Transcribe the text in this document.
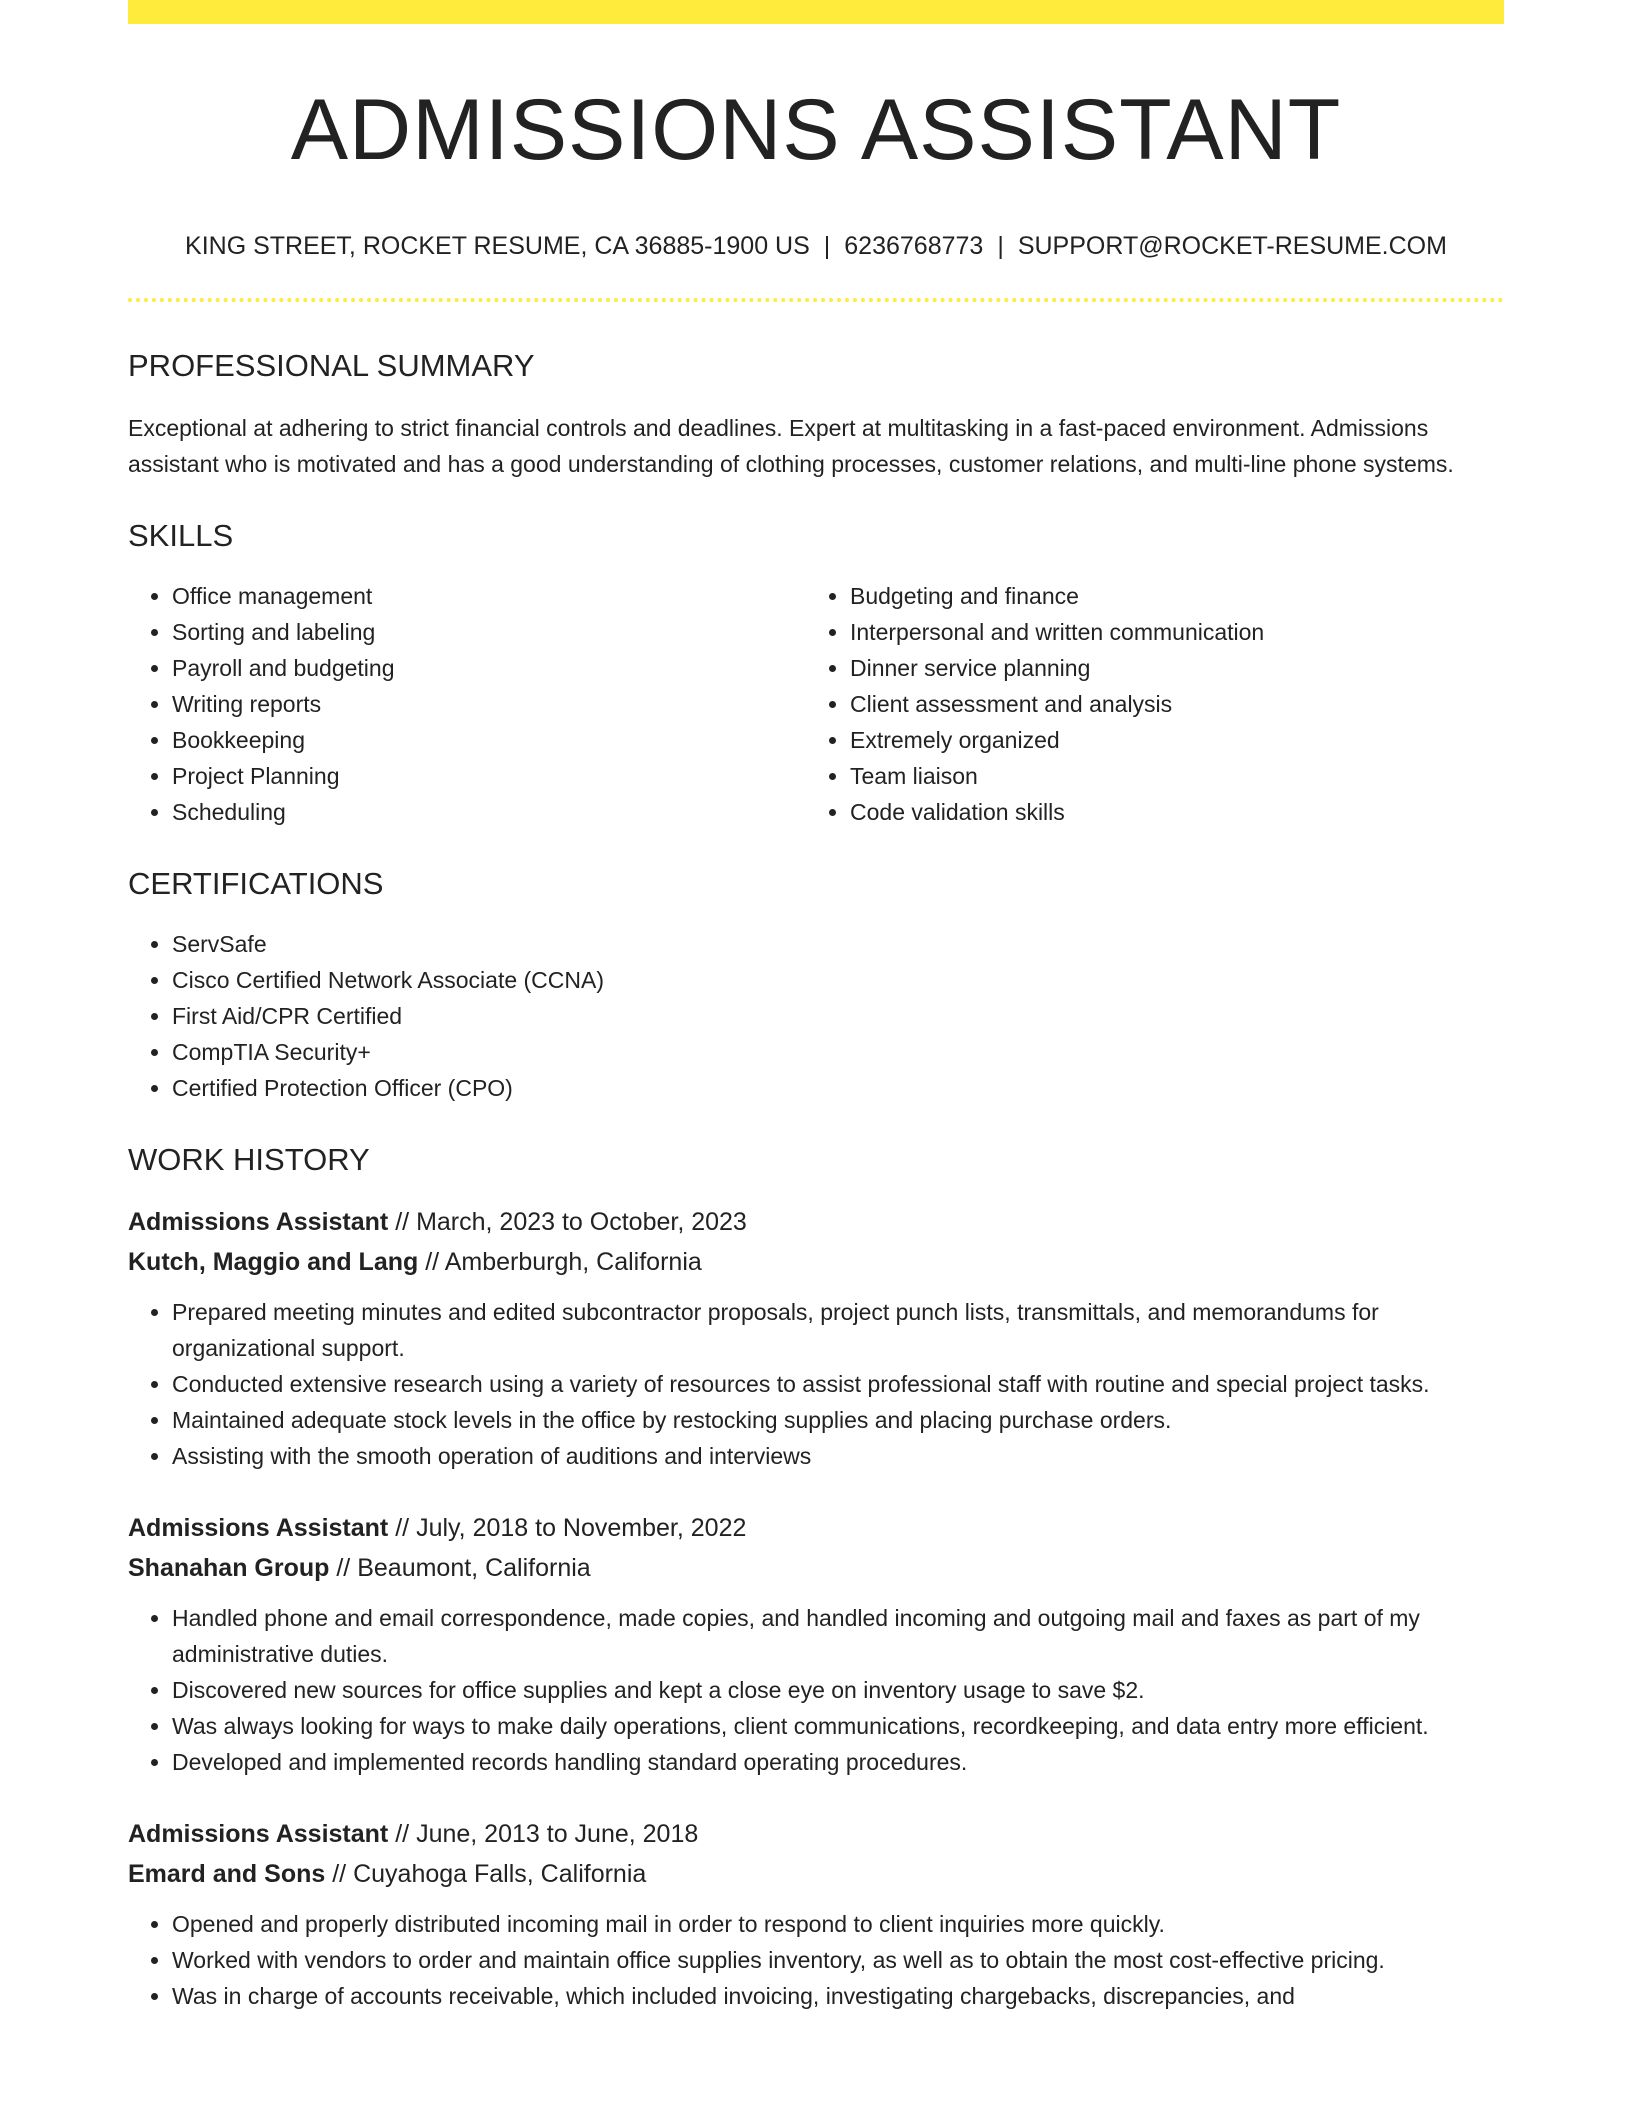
ADMISSIONS ASSISTANT
KING STREET, ROCKET RESUME, CA 36885-1900 US | 6236768773 | SUPPORT@ROCKET-RESUME.COM
PROFESSIONAL SUMMARY

Exceptional at adhering to strict financial controls and deadlines. Expert at multitasking in a fast-paced environment. Admissions assistant who is motivated and has a good understanding of clothing processes, customer relations, and multi-line phone systems.

SKILLS
• Office management
• Sorting and labeling
• Payroll and budgeting
• Writing reports
• Bookkeeping
• Project Planning
• Scheduling
• Budgeting and finance
• Interpersonal and written communication
• Dinner service planning
• Client assessment and analysis
• Extremely organized
• Team liaison
• Code validation skills
CERTIFICATIONS
• ServSafe
• Cisco Certified Network Associate (CCNA)
• First Aid/CPR Certified
• CompTIA Security+
• Certified Protection Officer (CPO)
WORK HISTORY
Admissions Assistant // March, 2023 to October, 2023
Kutch, Maggio and Lang // Amberburgh, California
• Prepared meeting minutes and edited subcontractor proposals, project punch lists, transmittals, and memorandums for organizational support.
• Conducted extensive research using a variety of resources to assist professional staff with routine and special project tasks.
• Maintained adequate stock levels in the office by restocking supplies and placing purchase orders.
• Assisting with the smooth operation of auditions and interviews
Admissions Assistant // July, 2018 to November, 2022
Shanahan Group // Beaumont, California
• Handled phone and email correspondence, made copies, and handled incoming and outgoing mail and faxes as part of my administrative duties.
• Discovered new sources for office supplies and kept a close eye on inventory usage to save $2.
• Was always looking for ways to make daily operations, client communications, recordkeeping, and data entry more efficient.
• Developed and implemented records handling standard operating procedures.
Admissions Assistant // June, 2013 to June, 2018
Emard and Sons // Cuyahoga Falls, California
• Opened and properly distributed incoming mail in order to respond to client inquiries more quickly.
• Worked with vendors to order and maintain office supplies inventory, as well as to obtain the most cost-effective pricing.
• Was in charge of accounts receivable, which included invoicing, investigating chargebacks, discrepancies, and
